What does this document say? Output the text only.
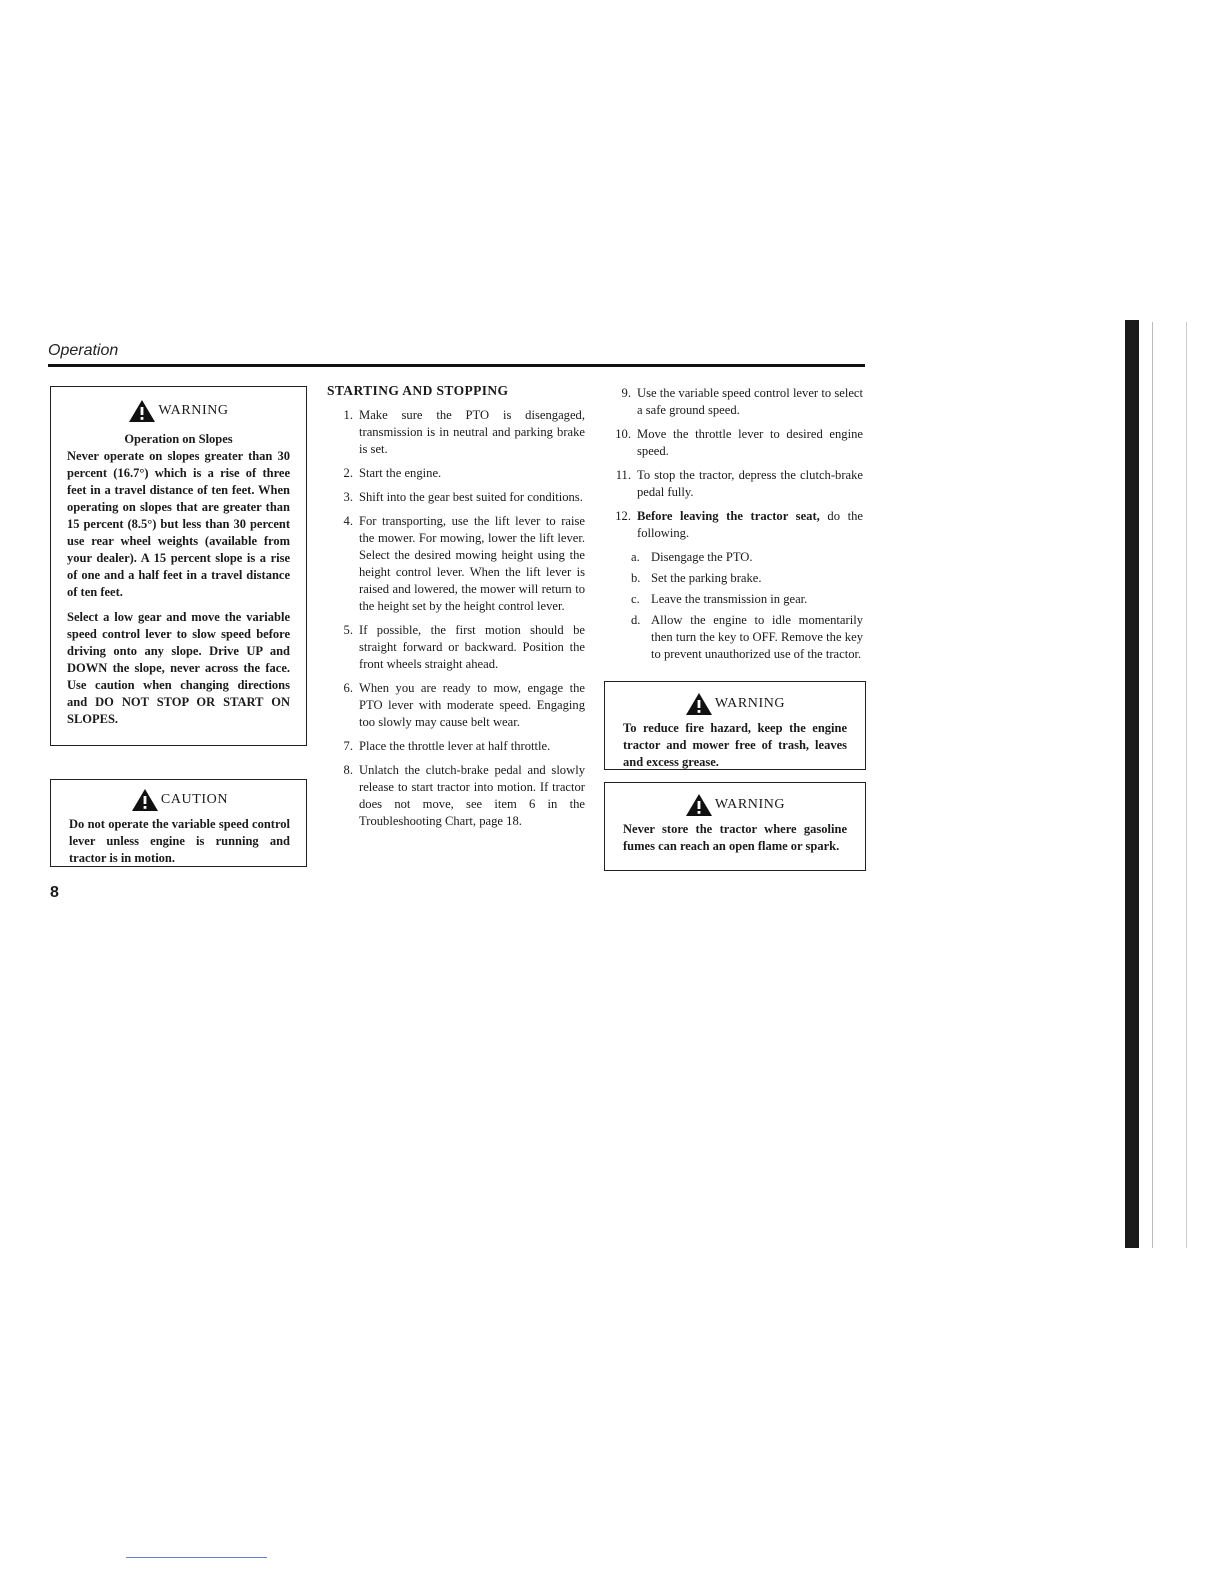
Operation
WARNING

Operation on Slopes

Never operate on slopes greater than 30 percent (16.7°) which is a rise of three feet in a travel distance of ten feet. When operating on slopes that are greater than 15 percent (8.5°) but less than 30 percent use rear wheel weights (available from your dealer). A 15 percent slope is a rise of one and a half feet in a travel distance of ten feet.

Select a low gear and move the variable speed control lever to slow speed before driving onto any slope. Drive UP and DOWN the slope, never across the face. Use caution when changing directions and DO NOT STOP OR START ON SLOPES.

CAUTION

Do not operate the variable speed control lever unless engine is running and tractor is in motion.

STARTING AND STOPPING
1. Make sure the PTO is disengaged, transmission is in neutral and parking brake is set.
2. Start the engine.
3. Shift into the gear best suited for conditions.
4. For transporting, use the lift lever to raise the mower. For mowing, lower the lift lever. Select the desired mowing height using the height control lever. When the lift lever is raised and lowered, the mower will return to the height set by the height control lever.
5. If possible, the first motion should be straight forward or backward. Position the front wheels straight ahead.
6. When you are ready to mow, engage the PTO lever with moderate speed. Engaging too slowly may cause belt wear.
7. Place the throttle lever at half throttle.
8. Unlatch the clutch-brake pedal and slowly release to start tractor into motion. If tractor does not move, see item 6 in the Troubleshooting Chart, page 18.
9. Use the variable speed control lever to select a safe ground speed.
10. Move the throttle lever to desired engine speed.
11. To stop the tractor, depress the clutch-brake pedal fully.
12. Before leaving the tractor seat, do the following.
a. Disengage the PTO.
b. Set the parking brake.
c. Leave the transmission in gear.
d. Allow the engine to idle momentarily then turn the key to OFF. Remove the key to prevent unauthorized use of the tractor.
WARNING

To reduce fire hazard, keep the engine tractor and mower free of trash, leaves and excess grease.

WARNING

Never store the tractor where gasoline fumes can reach an open flame or spark.

8
